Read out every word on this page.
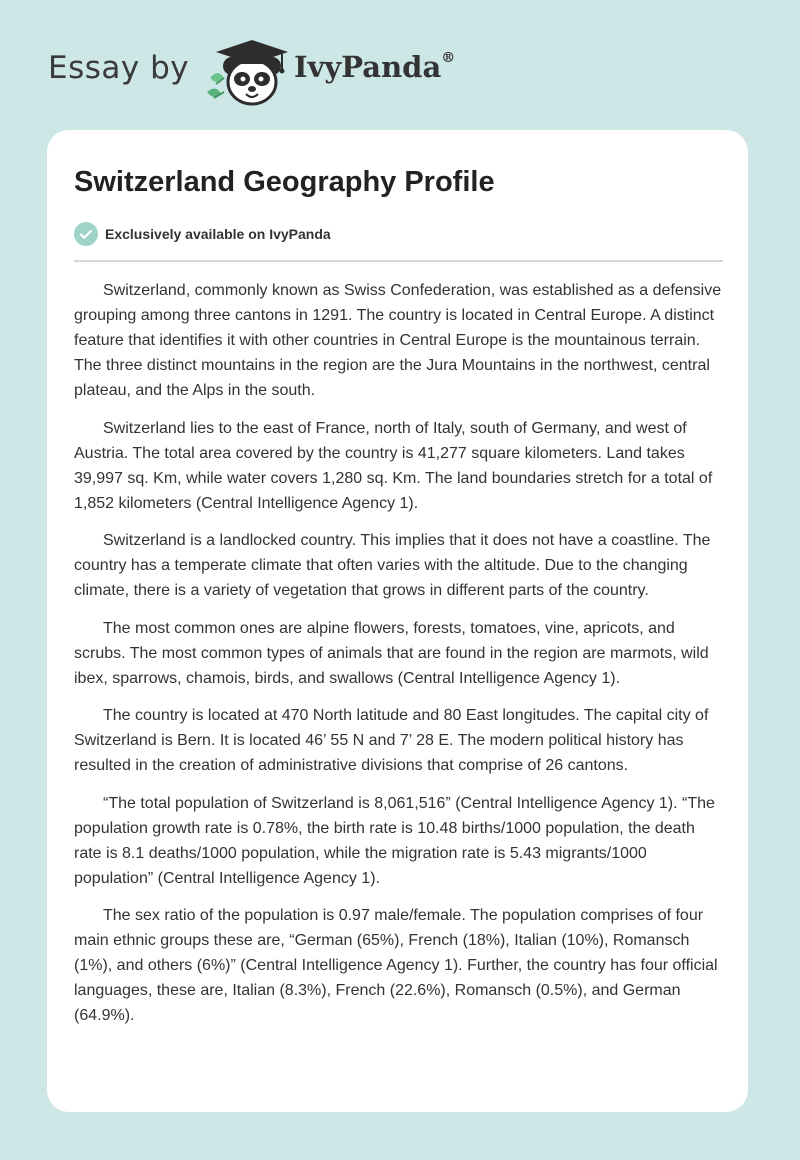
Essay by	IvyPanda®
Switzerland Geography Profile
Exclusively available on IvyPanda

Switzerland, commonly known as Swiss Confederation, was established as a defensive grouping among three cantons in 1291. The country is located in Central Europe. A distinct feature that identifies it with other countries in Central Europe is the mountainous terrain. The three distinct mountains in the region are the Jura Mountains in the northwest, central plateau, and the Alps in the south.

Switzerland lies to the east of France, north of Italy, south of Germany, and west of Austria. The total area covered by the country is 41,277 square kilometers. Land takes 39,997 sq. Km, while water covers 1,280 sq. Km. The land boundaries stretch for a total of 1,852 kilometers (Central Intelligence Agency 1).

Switzerland is a landlocked country. This implies that it does not have a coastline. The country has a temperate climate that often varies with the altitude. Due to the changing climate, there is a variety of vegetation that grows in different parts of the country.

The most common ones are alpine flowers, forests, tomatoes, vine, apricots, and scrubs. The most common types of animals that are found in the region are marmots, wild ibex, sparrows, chamois, birds, and swallows (Central Intelligence Agency 1).

The country is located at 470 North latitude and 80 East longitudes. The capital city of Switzerland is Bern. It is located 46’ 55 N and 7’ 28 E. The modern political history has resulted in the creation of administrative divisions that comprise of 26 cantons.

“The total population of Switzerland is 8,061,516” (Central Intelligence Agency 1). “The population growth rate is 0.78%, the birth rate is 10.48 births/1000 population, the death rate is 8.1 deaths/1000 population, while the migration rate is 5.43 migrants/1000 population” (Central Intelligence Agency 1).

The sex ratio of the population is 0.97 male/female. The population comprises of four main ethnic groups these are, “German (65%), French (18%), Italian (10%), Romansch (1%), and others (6%)” (Central Intelligence Agency 1). Further, the country has four official languages, these are, Italian (8.3%), French (22.6%), Romansch (0.5%), and German (64.9%).
